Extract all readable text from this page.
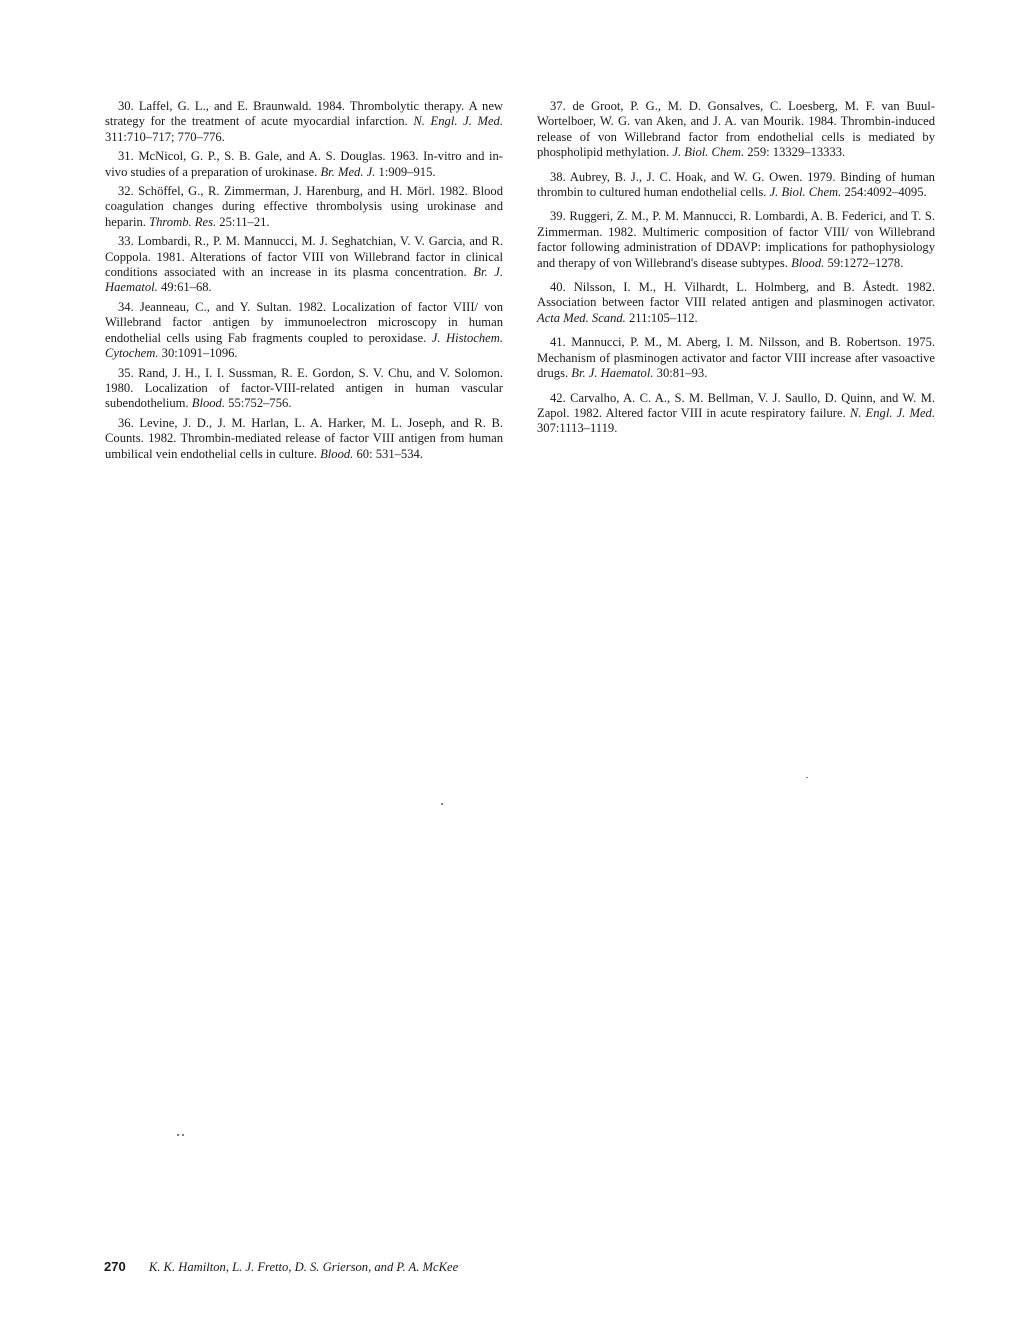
30. Laffel, G. L., and E. Braunwald. 1984. Thrombolytic therapy. A new strategy for the treatment of acute myocardial infarction. N. Engl. J. Med. 311:710–717; 770–776.

31. McNicol, G. P., S. B. Gale, and A. S. Douglas. 1963. In-vitro and in-vivo studies of a preparation of urokinase. Br. Med. J. 1:909–915.

32. Schöffel, G., R. Zimmerman, J. Harenburg, and H. Mörl. 1982. Blood coagulation changes during effective thrombolysis using urokinase and heparin. Thromb. Res. 25:11–21.

33. Lombardi, R., P. M. Mannucci, M. J. Seghatchian, V. V. Garcia, and R. Coppola. 1981. Alterations of factor VIII von Willebrand factor in clinical conditions associated with an increase in its plasma concentration. Br. J. Haematol. 49:61–68.

34. Jeanneau, C., and Y. Sultan. 1982. Localization of factor VIII/ von Willebrand factor antigen by immunoelectron microscopy in human endothelial cells using Fab fragments coupled to peroxidase. J. Histochem. Cytochem. 30:1091–1096.

35. Rand, J. H., I. I. Sussman, R. E. Gordon, S. V. Chu, and V. Solomon. 1980. Localization of factor-VIII-related antigen in human vascular subendothelium. Blood. 55:752–756.

36. Levine, J. D., J. M. Harlan, L. A. Harker, M. L. Joseph, and R. B. Counts. 1982. Thrombin-mediated release of factor VIII antigen from human umbilical vein endothelial cells in culture. Blood. 60: 531–534.

37. de Groot, P. G., M. D. Gonsalves, C. Loesberg, M. F. van Buul-Wortelboer, W. G. van Aken, and J. A. van Mourik. 1984. Thrombin-induced release of von Willebrand factor from endothelial cells is mediated by phospholipid methylation. J. Biol. Chem. 259: 13329–13333.

38. Aubrey, B. J., J. C. Hoak, and W. G. Owen. 1979. Binding of human thrombin to cultured human endothelial cells. J. Biol. Chem. 254:4092–4095.

39. Ruggeri, Z. M., P. M. Mannucci, R. Lombardi, A. B. Federici, and T. S. Zimmerman. 1982. Multimeric composition of factor VIII/ von Willebrand factor following administration of DDAVP: implications for pathophysiology and therapy of von Willebrand's disease subtypes. Blood. 59:1272–1278.

40. Nilsson, I. M., H. Vilhardt, L. Holmberg, and B. Åstedt. 1982. Association between factor VIII related antigen and plasminogen activator. Acta Med. Scand. 211:105–112.

41. Mannucci, P. M., M. Aberg, I. M. Nilsson, and B. Robertson. 1975. Mechanism of plasminogen activator and factor VIII increase after vasoactive drugs. Br. J. Haematol. 30:81–93.

42. Carvalho, A. C. A., S. M. Bellman, V. J. Saullo, D. Quinn, and W. M. Zapol. 1982. Altered factor VIII in acute respiratory failure. N. Engl. J. Med. 307:1113–1119.

270 K. K. Hamilton, L. J. Fretto, D. S. Grierson, and P. A. McKee
